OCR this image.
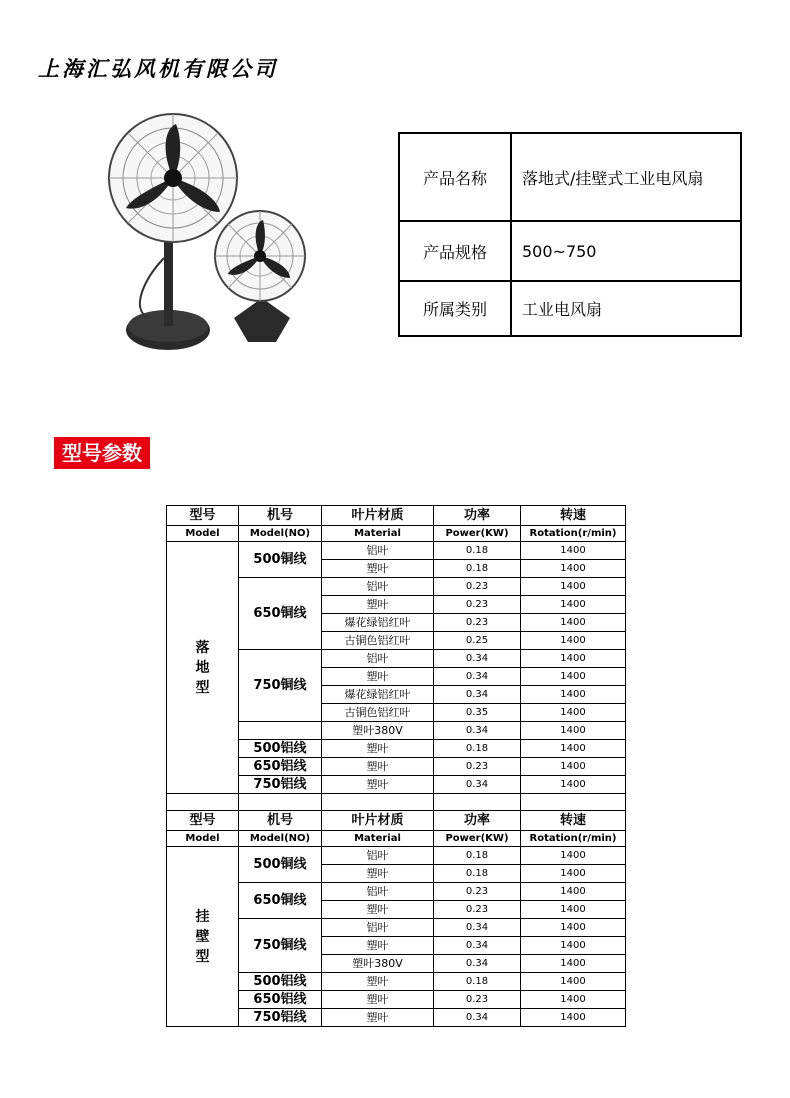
上海汇弘风机有限公司
产品名称	落地式/挂壁式工业电风扇
产品规格	500~750
所属类别	工业电风扇
型号参数
型号	机号	叶片材质	功率	转速
Model	Model(NO)	Material	Power(KW)	Rotation(r/min)
落
地
型	500铜线	铝叶	0.18	1400
		塑叶	0.18	1400
	650铜线	铝叶	0.23	1400
		塑叶	0.23	1400
		爆花绿铝红叶	0.23	1400
		古铜色铝红叶	0.25	1400
	750铜线	铝叶	0.34	1400
		塑叶	0.34	1400
		爆花绿铝红叶	0.34	1400
		古铜色铝红叶	0.35	1400
		塑叶380V	0.34	1400
	500铝线	塑叶	0.18	1400
	650铝线	塑叶	0.23	1400
	750铝线	塑叶	0.34	1400

型号	机号	叶片材质	功率	转速
Model	Model(NO)	Material	Power(KW)	Rotation(r/min)
挂
壁
型	500铜线	铝叶	0.18	1400
		塑叶	0.18	1400
	650铜线	铝叶	0.23	1400
		塑叶	0.23	1400
	750铜线	铝叶	0.34	1400
		塑叶	0.34	1400
		塑叶380V	0.34	1400
	500铝线	塑叶	0.18	1400
	650铝线	塑叶	0.23	1400
	750铝线	塑叶	0.34	1400
